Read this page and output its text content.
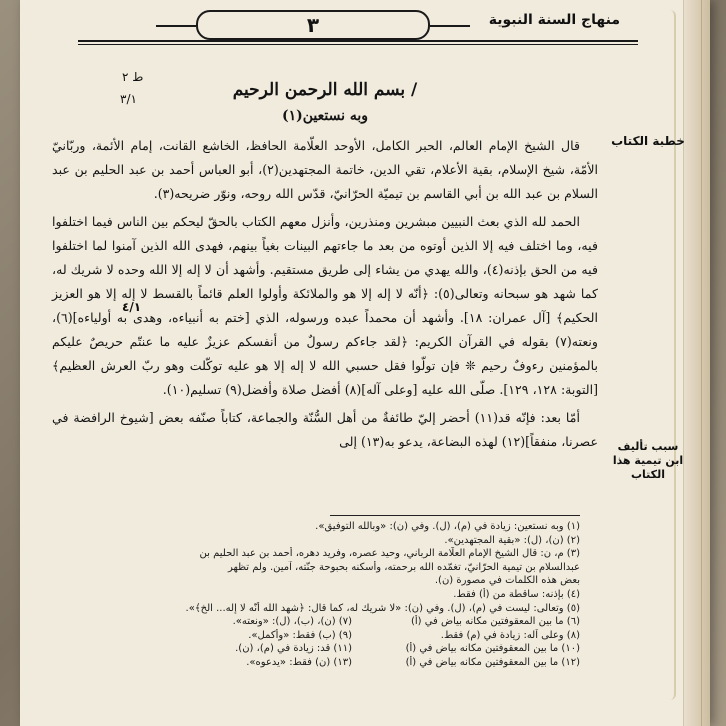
منهاج السنة النبوية
٣
ط ٢
٣/١
٤/١
خطبة الكتاب
سبب تأليف
ابن تيمية هذا
الكتاب
/ بسم الله الرحمن الرحيم
وبه نستعين(١)

قال الشيخ الإمام العالم، الحبر الكامل، الأوحد العلّامة الحافظ، الخاشع القانت، إمام الأئمة، وربّانيّ الأمّة، شيخ الإسلام، بقية الأعلام، تقي الدين، خاتمة المجتهدين(٢)، أبو العباس أحمد بن عبد الحليم بن عبد السلام بن عبد الله بن أبي القاسم بن تيميّة الحرّانيّ، قدّس الله روحه، ونوّر ضريحه(٣).

الحمد لله الذي بعث النبيين مبشرين ومنذرين، وأنزل معهم الكتاب بالحقّ ليحكم بين الناس فيما اختلفوا فيه، وما اختلف فيه إلا الذين أوتوه من بعد ما جاءتهم البينات بغياً بينهم، فهدى الله الذين آمنوا لما اختلفوا فيه من الحق بإذنه(٤)، والله يهدي من يشاء إلى طريق مستقيم. وأشهد أن لا إله إلا الله وحده لا شريك له، كما شهد هو سبحانه وتعالى(٥): ﴿أنّه لا إله إلا هو والملائكة وأولوا العلم قائماً بالقسط لا إله إلا هو العزيز الحكيم﴾ [آل عمران: ١٨]. وأشهد أن محمداً عبده ورسوله، الذي [ختم به أنبياءه، وهدى به أولياءه](٦)، ونعته(٧) بقوله في القرآن الكريم: ﴿لقد جاءكم رسولٌ من أنفسكم عزيزٌ عليه ما عنتّم حريصٌ عليكم بالمؤمنين رءوفٌ رحيم ❊ فإن تولّوا فقل حسبي الله لا إله إلا هو عليه توكّلت وهو ربّ العرش العظيم﴾ [التوبة: ١٢٨، ١٢٩]. صلّى الله عليه [وعلى آله](٨) أفضل صلاة وأفضل(٩) تسليم(١٠).

أمّا بعد: فإنّه قد(١١) أحضر إليّ طائفةٌ من أهل السُّنّة والجماعة، كتاباً صنّفه بعض [شيوخ الرافضة في عصرنا، منفقاً](١٢) لهذه البضاعة، يدعو به(١٣) إلى

(١) وبه نستعين: زيادة في (م)، (ل). وفي (ن): «وبالله التوفيق».

(٢) (ن)، (ل): «بقية المجتهدين».

(٣) م، ن: قال الشيخ الإمام العلّامة الرباني، وحيد عصره، وفريد دهره، أحمد بن عبد الحليم بن

عبدالسلام بن تيمية الحرّانيّ، تغمّده الله برحمته، وأسكنه بحبوحة جنّته، آمين. ولم تظهر

بعض هذه الكلمات في مصورة (ن).

(٤) بإذنه: ساقطة من (أ) فقط.

(٥) وتعالى: ليست في (م)، (ل). وفي (ن): «لا شريك له، كما قال: ﴿شهد الله أنّه لا إله... الخ﴾».

(٦) ما بين المعقوفتين مكانه بياض في (أ)

(٧) (ن)، (ب)، (ل): «ونعته».

(٨) وعلى آله: زيادة في (م) فقط.

(٩) (ب) فقط: «وأكمل».

(١٠) ما بين المعقوفتين مكانه بياض في (أ)

(١١) قد: زيادة في (م)، (ن).

(١٢) ما بين المعقوفتين مكانه بياض في (أ)

(١٣) (ن) فقط: «يدعوه».
